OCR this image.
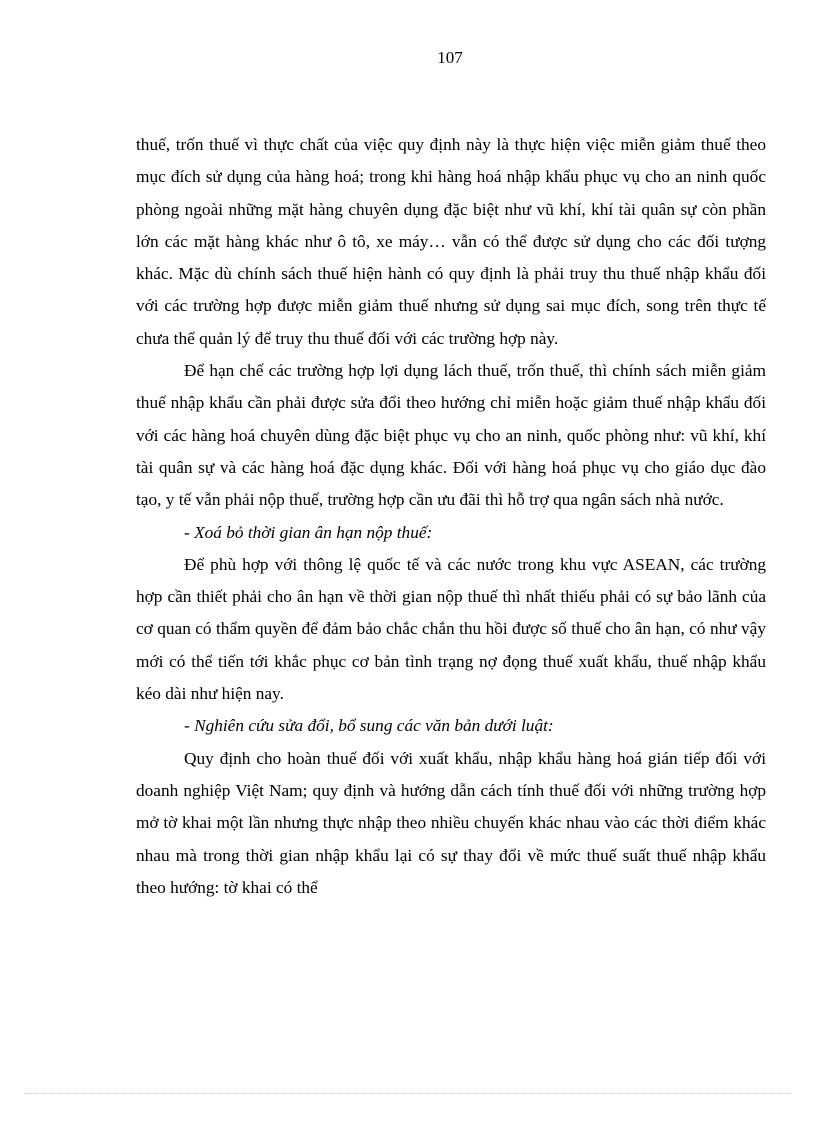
107

thuế, trốn thuế vì thực chất của việc quy định này là thực hiện việc miễn giảm thuế theo mục đích sử dụng của hàng hoá; trong khi hàng hoá nhập khẩu phục vụ cho an ninh quốc phòng ngoài những mặt hàng chuyên dụng đặc biệt như vũ khí, khí tài quân sự còn phần lớn các mặt hàng khác như ô tô, xe máy… vẫn có thể được sử dụng cho các đối tượng khác. Mặc dù chính sách thuế hiện hành có quy định là phải truy thu thuế nhập khẩu đối với các trường hợp được miễn giảm thuế nhưng sử dụng sai mục đích, song trên thực tế chưa thể quản lý để truy thu thuế đối với các trường hợp này.

Để hạn chế các trường hợp lợi dụng lách thuế, trốn thuế, thì chính sách miễn giảm thuế nhập khẩu cần phải được sửa đổi theo hướng chỉ miễn hoặc giảm thuế nhập khẩu đối với các hàng hoá chuyên dùng đặc biệt phục vụ cho an ninh, quốc phòng như: vũ khí, khí tài quân sự và các hàng hoá đặc dụng khác. Đối với hàng hoá phục vụ cho giáo dục đào tạo, y tế vẫn phải nộp thuế, trường hợp cần ưu đãi thì hỗ trợ qua ngân sách nhà nước.

- Xoá bỏ thời gian ân hạn nộp thuế:

Để phù hợp với thông lệ quốc tế và các nước trong khu vực ASEAN, các trường hợp cần thiết phải cho ân hạn về thời gian nộp thuế thì nhất thiếu phải có sự bảo lãnh của cơ quan có thẩm quyền để đảm bảo chắc chắn thu hồi được số thuế cho ân hạn, có như vậy mới có thể tiến tới khắc phục cơ bản tình trạng nợ đọng thuế xuất khẩu, thuế nhập khẩu kéo dài như hiện nay.

- Nghiên cứu sửa đổi, bổ sung các văn bản dưới luật:

Quy định cho hoàn thuế đối với xuất khẩu, nhập khẩu hàng hoá gián tiếp đối với doanh nghiệp Việt Nam; quy định và hướng dẫn cách tính thuế đối với những trường hợp mở tờ khai một lần nhưng thực nhập theo nhiều chuyến khác nhau vào các thời điểm khác nhau mà trong thời gian nhập khẩu lại có sự thay đổi về mức thuế suất thuế nhập khẩu theo hướng: tờ khai có thể
